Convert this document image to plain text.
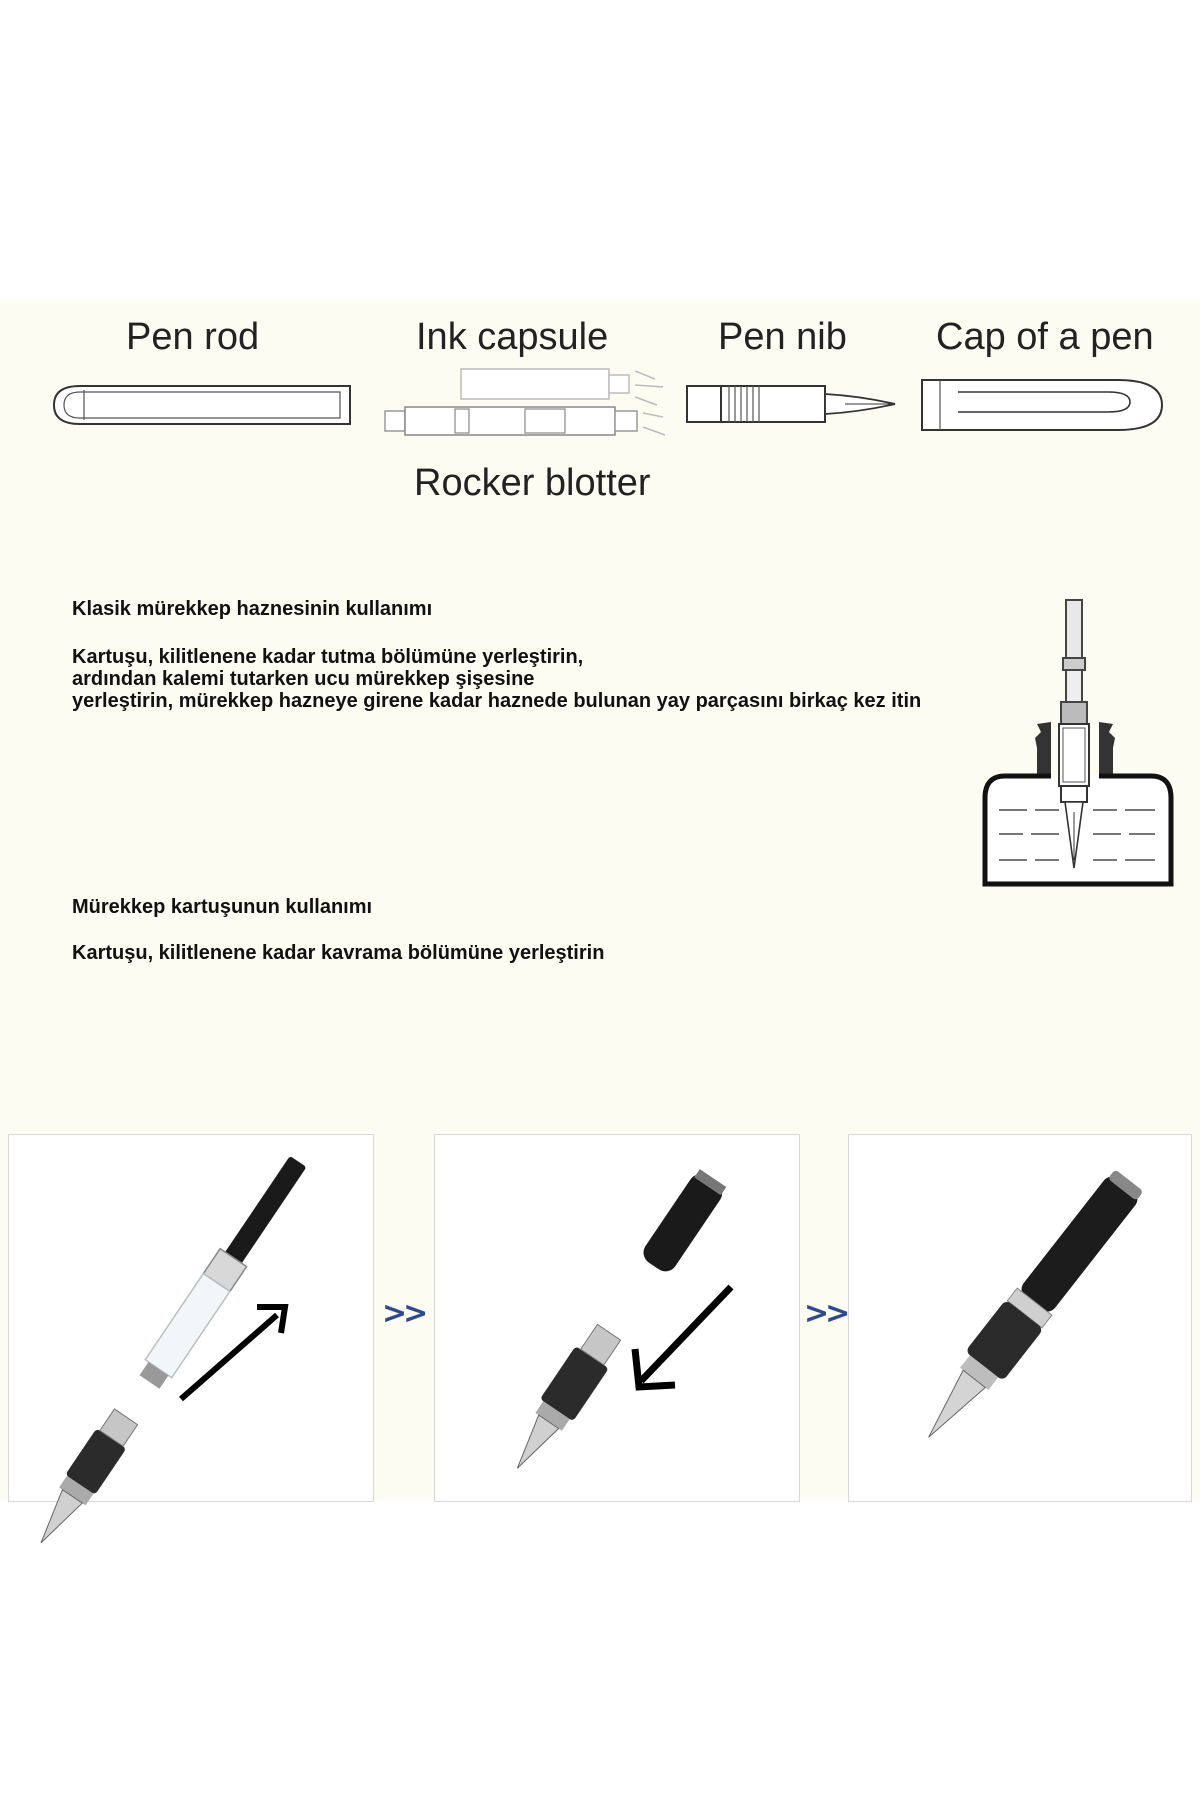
Pen rod	Ink capsule	Pen nib Cap of a pen
Rocker blotter
Klasik mürekkep haznesinin kullanımı
Kartuşu, kilitlenene kadar tutma bölümüne yerleştirin,
ardından kalemi tutarken ucu mürekkep şişesine
yerleştirin, mürekkep hazneye girene kadar haznede bulunan yay parçasını birkaç kez itin
Mürekkep kartuşunun kullanımı
Kartuşu, kilitlenene kadar kavrama bölümüne yerleştirin
>>	>>
